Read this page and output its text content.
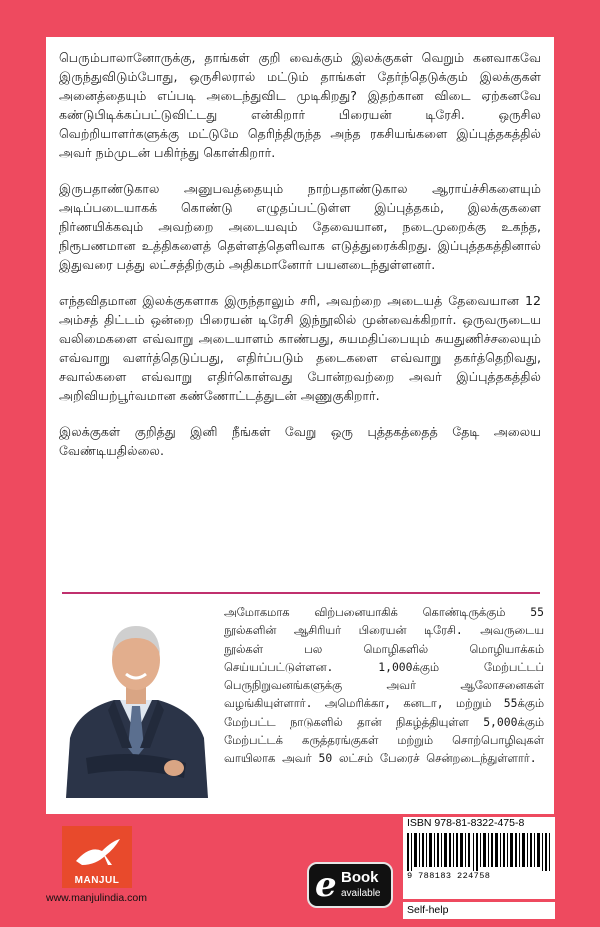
பெரும்பாலானோருக்கு, தாங்கள் குறி வைக்கும் இலக்குகள் வெறும் கனவாகவே இருந்துவிடும்போது, ஒருசிலரால் மட்டும் தாங்கள் தேர்ந்தெடுக்கும் இலக்குகள் அனைத்தையும் எப்படி அடைந்துவிட முடிகிறது? இதற்கான விடை ஏற்கனவே கண்டுபிடிக்கப்பட்டுவிட்டது என்கிறார் பிரையன் டிரேசி. ஒருசில வெற்றியாளர்களுக்கு மட்டுமே தெரிந்திருந்த அந்த ரகசியங்களை இப்புத்தகத்தில் அவர் நம்முடன் பகிர்ந்து கொள்கிறார்.

இருபதாண்டுகால அனுபவத்தையும் நாற்பதாண்டுகால ஆராய்ச்சிகளையும் அடிப்படையாகக் கொண்டு எழுதப்பட்டுள்ள இப்புத்தகம், இலக்குகளை நிர்ணயிக்கவும் அவற்றை அடையவும் தேவையான, நடைமுறைக்கு உகந்த, நிரூபணமான உத்திகளைத் தெள்ளத்தெளிவாக எடுத்துரைக்கிறது. இப்புத்தகத்தினால் இதுவரை பத்து லட்சத்திற்கும் அதிகமானோர் பயனடைந்துள்ளனர்.

எந்தவிதமான இலக்குகளாக இருந்தாலும் சரி, அவற்றை அடையத் தேவையான 12 அம்சத் திட்டம் ஒன்றை பிரையன் டிரேசி இந்நூலில் முன்வைக்கிறார். ஒருவருடைய வலிமைகளை எவ்வாறு அடையாளம் காண்பது, சுயமதிப்பையும் சுயதுணிச்சலையும் எவ்வாறு வளர்த்தெடுப்பது, எதிர்ப்படும் தடைகளை எவ்வாறு தகர்த்தெறிவது, சவால்களை எவ்வாறு எதிர்கொள்வது போன்றவற்றை அவர் இப்புத்தகத்தில் அறிவியற்பூர்வமான கண்ணோட்டத்துடன் அணுகுகிறார்.

இலக்குகள் குறித்து இனி நீங்கள் வேறு ஒரு புத்தகத்தைத் தேடி அலைய வேண்டியதில்லை.

அமோகமாக விற்பனையாகிக் கொண்டிருக்கும் 55 நூல்களின் ஆசிரியர் பிரையன் டிரேசி. அவருடைய நூல்கள் பல மொழிகளில் மொழியாக்கம் செய்யப்பட்டுள்ளன. 1,000க்கும் மேற்பட்டப் பெருநிறுவனங்களுக்கு அவர் ஆலோசனைகள் வழங்கியுள்ளார். அமெரிக்கா, கனடா, மற்றும் 55க்கும் மேற்பட்ட நாடுகளில் தான் நிகழ்த்தியுள்ள 5,000க்கும் மேற்பட்டக் கருத்தரங்குகள் மற்றும் சொற்பொழிவுகள் வாயிலாக அவர் 50 லட்சம் பேரைச் சென்றடைந்துள்ளார்.

MANJUL
www.manjulindia.com	e Book
available
ISBN 978-81-8322-475-8
9 788183 224758
Self-help
